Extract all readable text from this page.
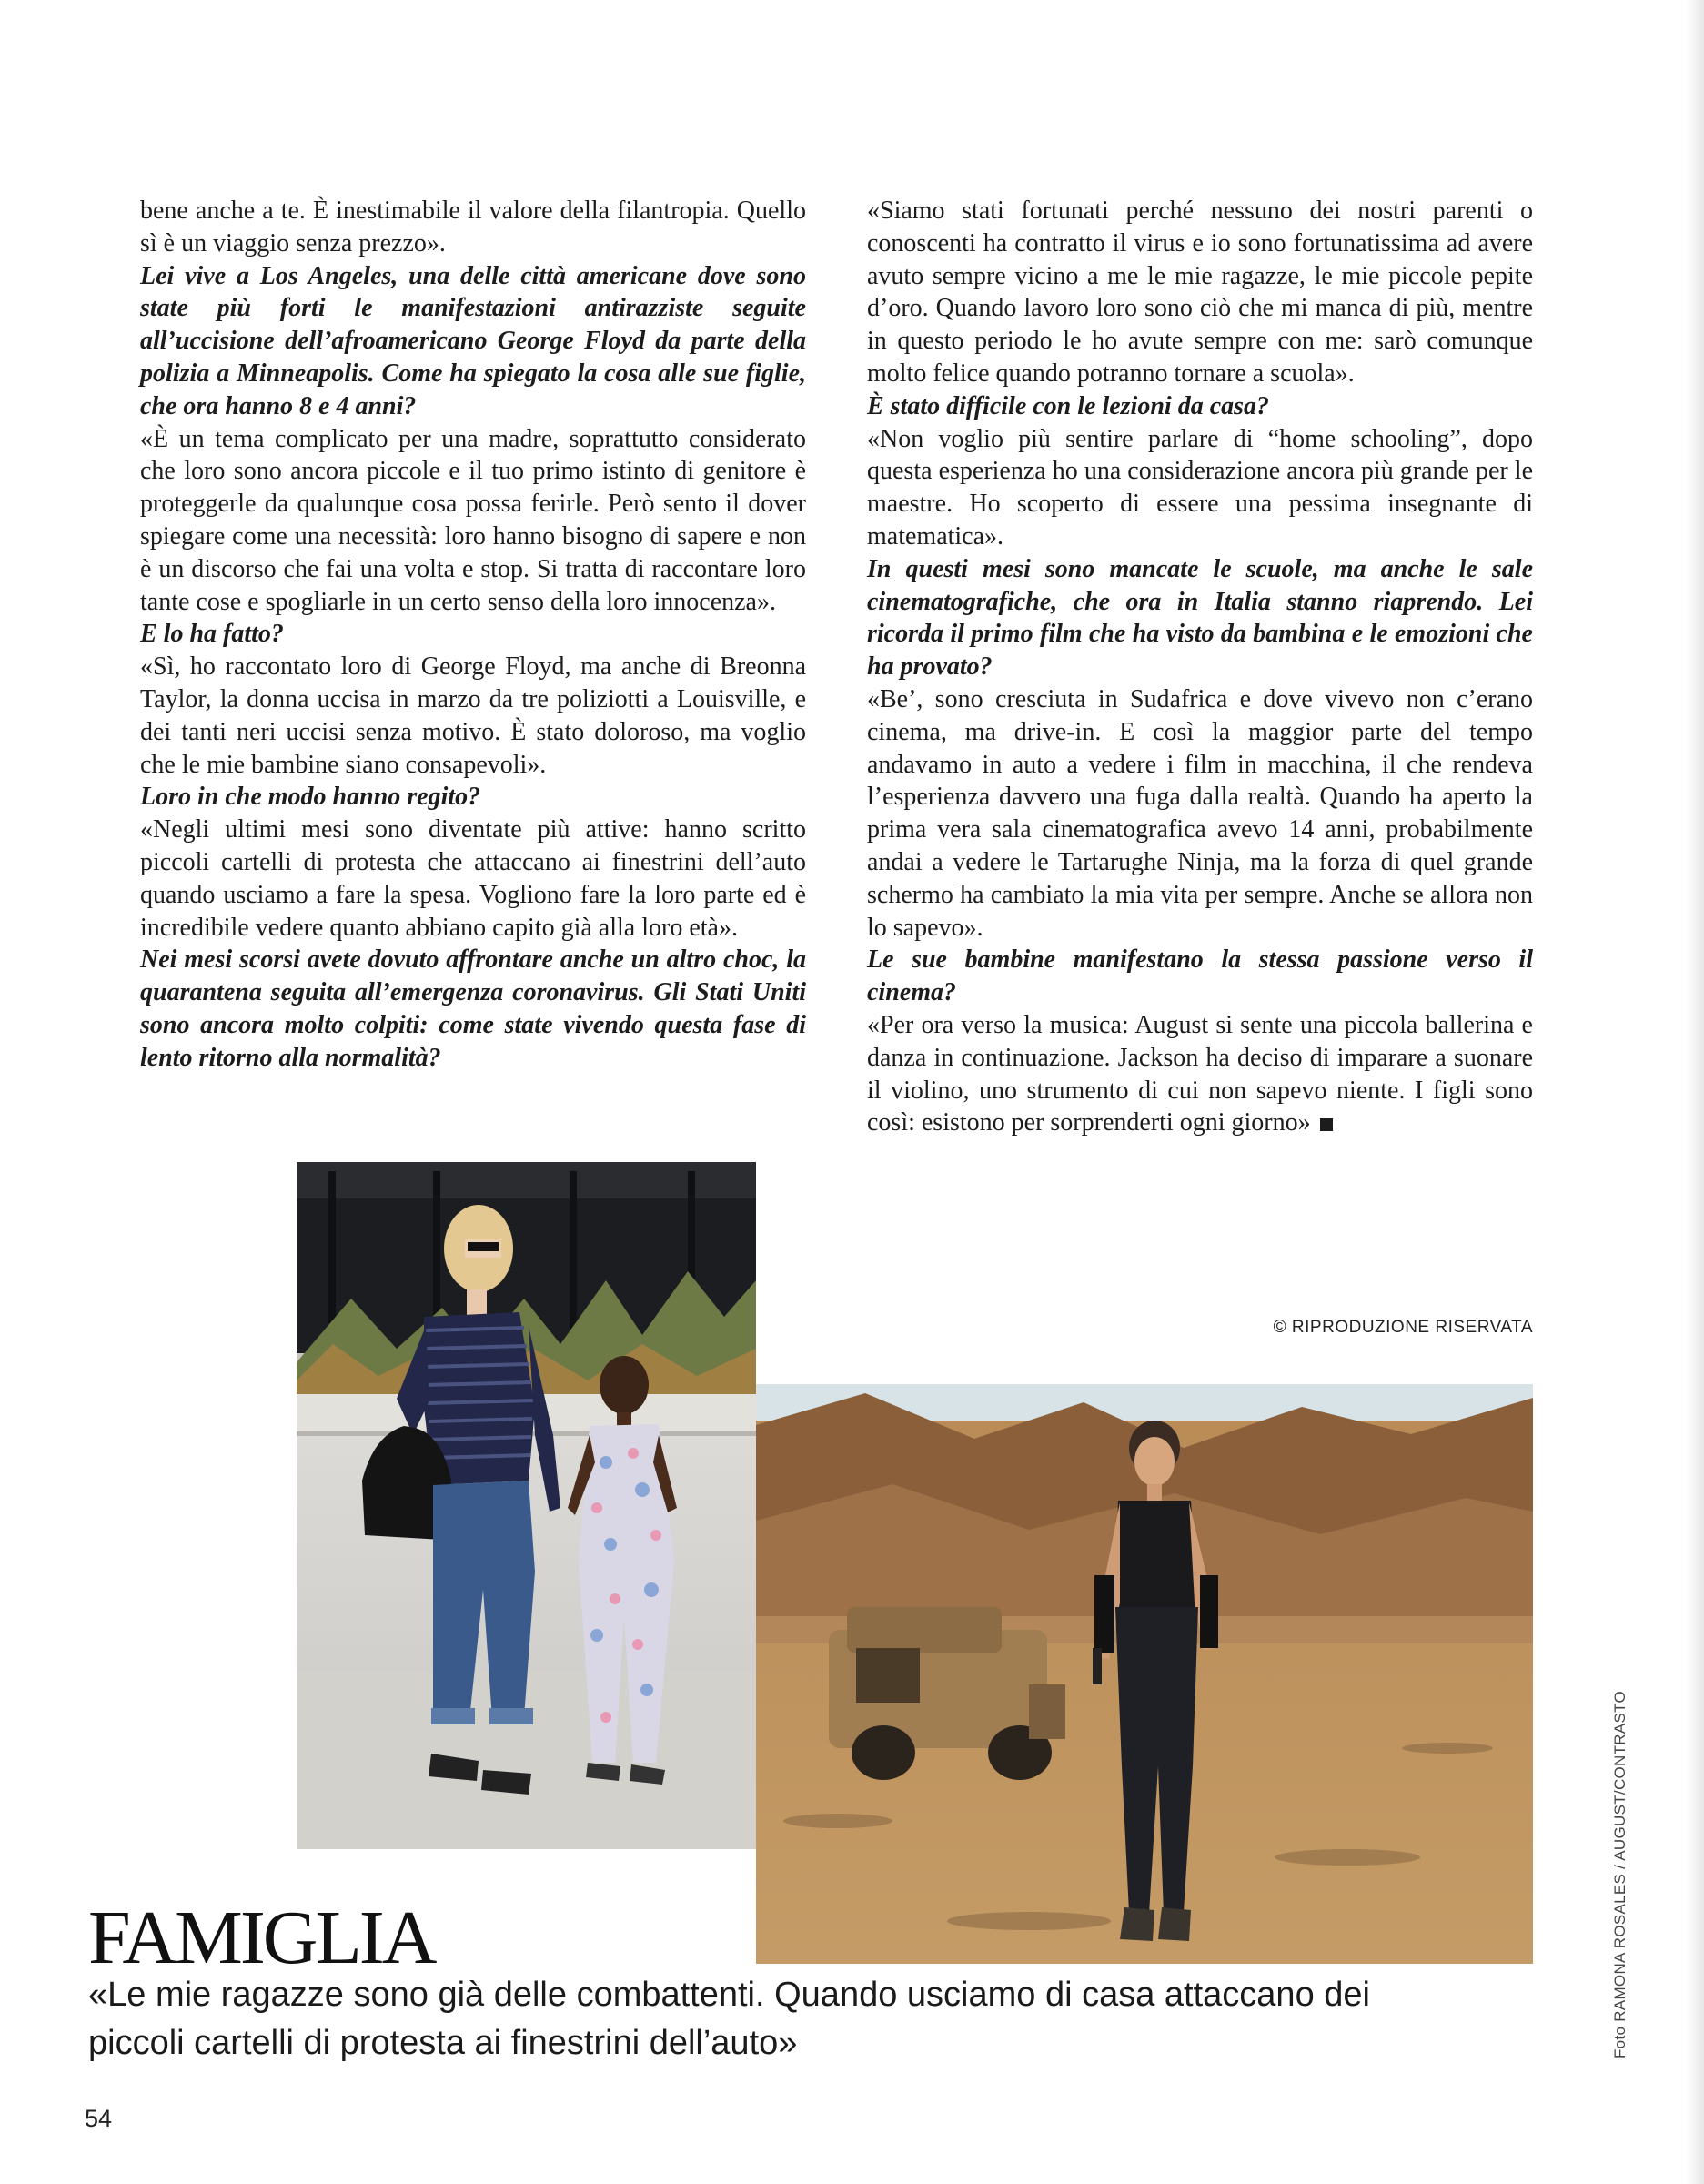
bene anche a te. È inestimabile il valore della filantropia. Quello sì è un viaggio senza prezzo».

Lei vive a Los Angeles, una delle città americane dove sono state più forti le manifestazioni antirazziste seguite all’uccisione dell’afroamericano George Floyd da parte della polizia a Minneapolis. Come ha spiegato la cosa alle sue figlie, che ora hanno 8 e 4 anni?

«È un tema complicato per una madre, soprattutto considerato che loro sono ancora piccole e il tuo primo istinto di genitore è proteggerle da qualunque cosa possa ferirle. Però sento il dover spiegare come una necessità: loro hanno bisogno di sapere e non è un discorso che fai una volta e stop. Si tratta di raccontare loro tante cose e spogliarle in un certo senso della loro innocenza».

E lo ha fatto?

«Sì, ho raccontato loro di George Floyd, ma anche di Breonna Taylor, la donna uccisa in marzo da tre poliziotti a Louisville, e dei tanti neri uccisi senza motivo. È stato doloroso, ma voglio che le mie bambine siano consapevoli».

Loro in che modo hanno regito?

«Negli ultimi mesi sono diventate più attive: hanno scritto piccoli cartelli di protesta che attaccano ai finestrini dell’auto quando usciamo a fare la spesa. Vogliono fare la loro parte ed è incredibile vedere quanto abbiano capito già alla loro età».

Nei mesi scorsi avete dovuto affrontare anche un altro choc, la quarantena seguita all’emergenza coronavirus. Gli Stati Uniti sono ancora molto colpiti: come state vivendo questa fase di lento ritorno alla normalità?

«Siamo stati fortunati perché nessuno dei nostri parenti o conoscenti ha contratto il virus e io sono fortunatissima ad avere avuto sempre vicino a me le mie ragazze, le mie piccole pepite d’oro. Quando lavoro loro sono ciò che mi manca di più, mentre in questo periodo le ho avute sempre con me: sarò comunque molto felice quando potranno tornare a scuola».

È stato difficile con le lezioni da casa?

«Non voglio più sentire parlare di “home schooling”, dopo questa esperienza ho una considerazione ancora più grande per le maestre. Ho scoperto di essere una pessima insegnante di matematica».

In questi mesi sono mancate le scuole, ma anche le sale cinematografiche, che ora in Italia stanno riaprendo. Lei ricorda il primo film che ha visto da bambina e le emozioni che ha provato?

«Be’, sono cresciuta in Sudafrica e dove vivevo non c’erano cinema, ma drive-in. E così la maggior parte del tempo andavamo in auto a vedere i film in macchina, il che rendeva l’esperienza davvero una fuga dalla realtà. Quando ha aperto la prima vera sala cinematografica avevo 14 anni, probabilmente andai a vedere le Tartarughe Ninja, ma la forza di quel grande schermo ha cambiato la mia vita per sempre. Anche se allora non lo sapevo».

Le sue bambine manifestano la stessa passione verso il cinema?

«Per ora verso la musica: August si sente una piccola ballerina e danza in continuazione. Jackson ha deciso di imparare a suonare il violino, uno strumento di cui non sapevo niente. I figli sono così: esistono per sorprenderti ogni giorno»

© RIPRODUZIONE RISERVATA
FAMIGLIA

«Le mie ragazze sono già delle combattenti. Quando usciamo di casa attaccano dei piccoli cartelli di protesta ai finestrini dell’auto»

54
Foto RAMONA ROSALES / AUGUST/CONTRASTO
